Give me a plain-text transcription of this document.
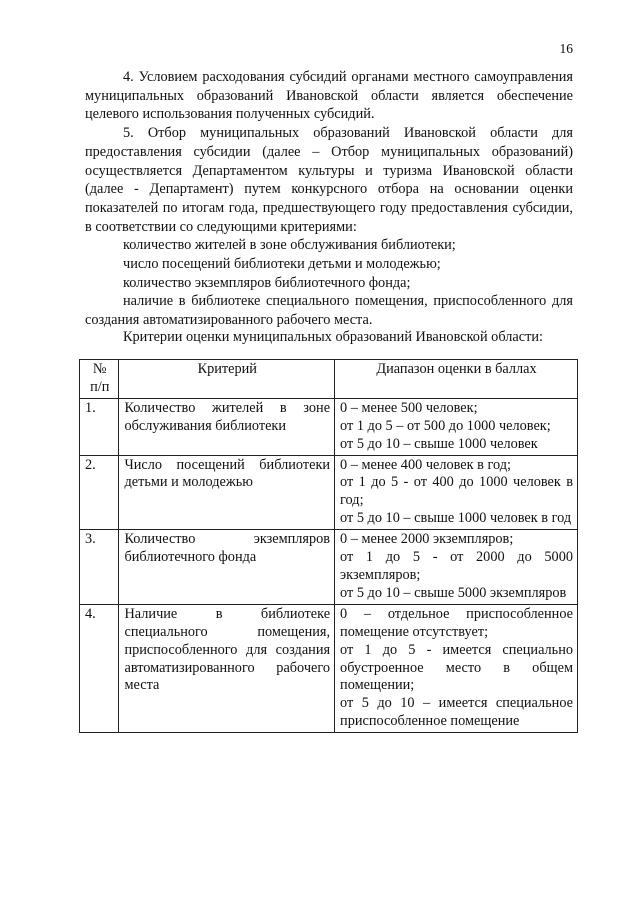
16

4. Условием расходования субсидий органами местного самоуправления муниципальных образований Ивановской области является обеспечение целевого использования полученных субсидий.

5. Отбор муниципальных образований Ивановской области для предоставления субсидии (далее – Отбор муниципальных образований) осуществляется Департаментом культуры и туризма Ивановской области (далее - Департамент) путем конкурсного отбора на основании оценки показателей по итогам года, предшествующего году предоставления субсидии, в соответствии со следующими критериями:

количество жителей в зоне обслуживания библиотеки;
число посещений библиотеки детьми и молодежью;
количество экземпляров библиотечного фонда;
наличие в библиотеке специального помещения, приспособленного для создания автоматизированного рабочего места.
Критерии оценки муниципальных образований Ивановской области:
№
п/п	Критерий	Диапазон оценки в баллах
1.	Количество жителей в зоне
обслуживания библиотеки	0 – менее 500 человек;
от 1 до 5 – от 500 до 1000 человек;
от 5 до 10 – свыше 1000 человек

2.	Число посещений библиотеки
детьми и молодежью	0 – менее 400 человек в год;
от 1 до 5 - от 400 до 1000 человек в год;
от 5 до 10 – свыше 1000 человек в год

3.	Количество экземпляров
библиотечного фонда	0 – менее 2000 экземпляров;
от 1 до 5 - от 2000 до 5000 экземпляров;
от 5 до 10 – свыше 5000 экземпляров

4.	Наличие в библиотеке специального помещения, приспособленного для создания автоматизированного рабочего места	0 – отдельное приспособленное помещение отсутствует;
от 1 до 5 - имеется специально обустроенное место в общем помещении;
от 5 до 10 – имеется специальное приспособленное помещение
